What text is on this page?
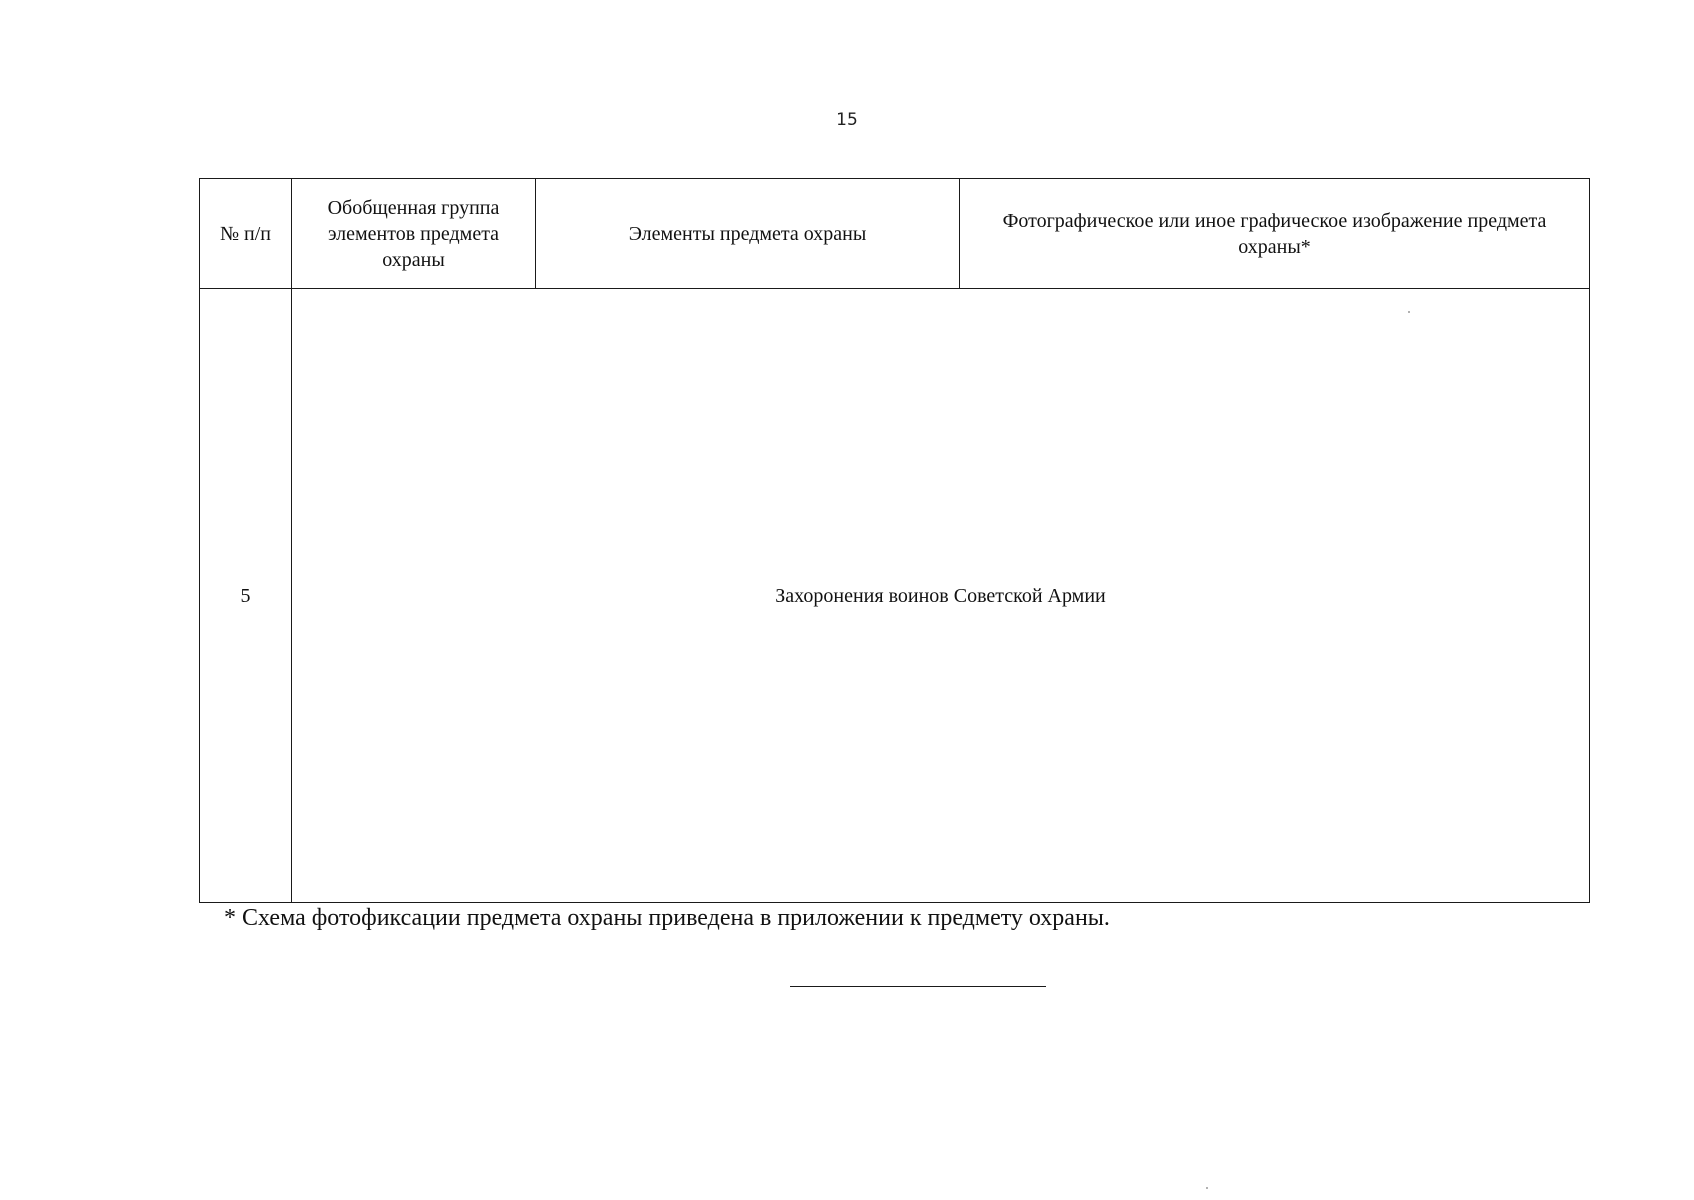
15
№ п/п	Обобщенная группа элементов предмета охраны	Элементы предмета охраны	Фотографическое или иное графическое изображение предмета охраны*
5	Захоронения воинов Советской Армии		
* Схема фотофиксации предмета охраны приведена в приложении к предмету охраны.
